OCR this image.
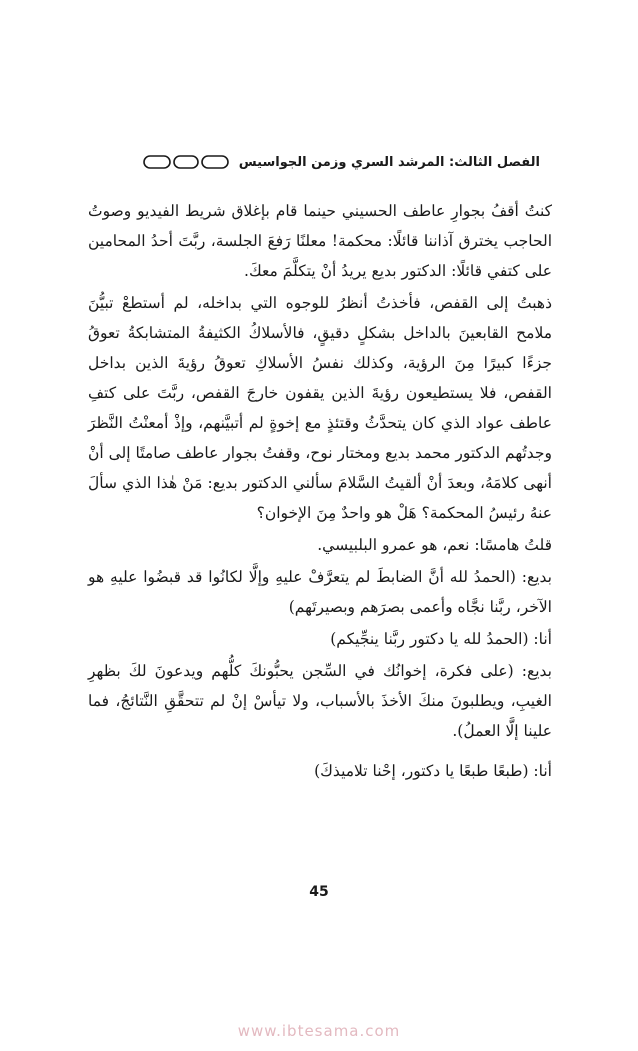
الفصل الثالث: المرشد السري وزمن الجواسيس

كنتُ أقفُ بجوارِ عاطف الحسيني حينما قام بإغلاق شريط الفيديو وصوتُ الحاجب يخترق آذاننا قائلًا: محكمة! معلنًا رَفعَ الجلسة، ربَّتَ أحدُ المحامين على كتفي قائلًا: الدكتور بديع يريدُ أنْ يتكلَّمَ معكَ.

ذهبتُ إلى القفص، فأخذتُ أنظرُ للوجوه التي بداخله، لم أستطعْ تبيُّنَ ملامح القابعينَ بالداخل بشكلٍ دقيقٍ، فالأسلاكُ الكثيفةُ المتشابكةُ تعوقُ جزءًا كبيرًا مِنَ الرؤية، وكذلك نفسُ الأسلاكِ تعوقُ رؤيةَ الذين بداخل القفص، فلا يستطيعون رؤيةَ الذين يقفون خارجَ القفص، ربَّتَ على كتفِ عاطف عواد الذي كان يتحدَّثُ وقتئذٍ مع إخوةٍ لم أتبيَّنهم، وإذْ أمعنْتُ النَّظرَ وجدتُهم الدكتور محمد بديع ومختار نوح، وقفتُ بجوار عاطف صامتًا إلى أنْ أنهى كلامَهُ، وبعدَ أنْ ألقيتُ السَّلامَ سألني الدكتور بديع: مَنْ هٰذا الذي سألَ عنهُ رئيسُ المحكمة؟ هَلْ هو واحدٌ مِنَ الإخوان؟

قلتُ هامسًا: نعم، هو عمرو البلبيسي.

بديع: (الحمدُ لله أنَّ الضابطَ لم يتعرَّفْ عليهِ وإلَّا لكانُوا قد قبضُوا عليهِ هو الآخر، ربَّنا نجَّاه وأعمى بصرَهم وبصيرتَهم)

أنا: (الحمدُ لله يا دكتور ربَّنا ينجِّيكم)

بديع: (على فكرة، إخوانُك في السِّجن يحبُّونكَ كلُّهم ويدعونَ لكَ بظهرِ الغيبِ، ويطلبونَ منكَ الأخذَ بالأسباب، ولا تيأسْ إنْ لم تتحقَّقِ النَّتائجُ، فما علينا إلَّا العملُ).

أنا: (طبعًا طبعًا يا دكتور، إحْنا تلاميذكَ)

45
www.ibtesama.com
